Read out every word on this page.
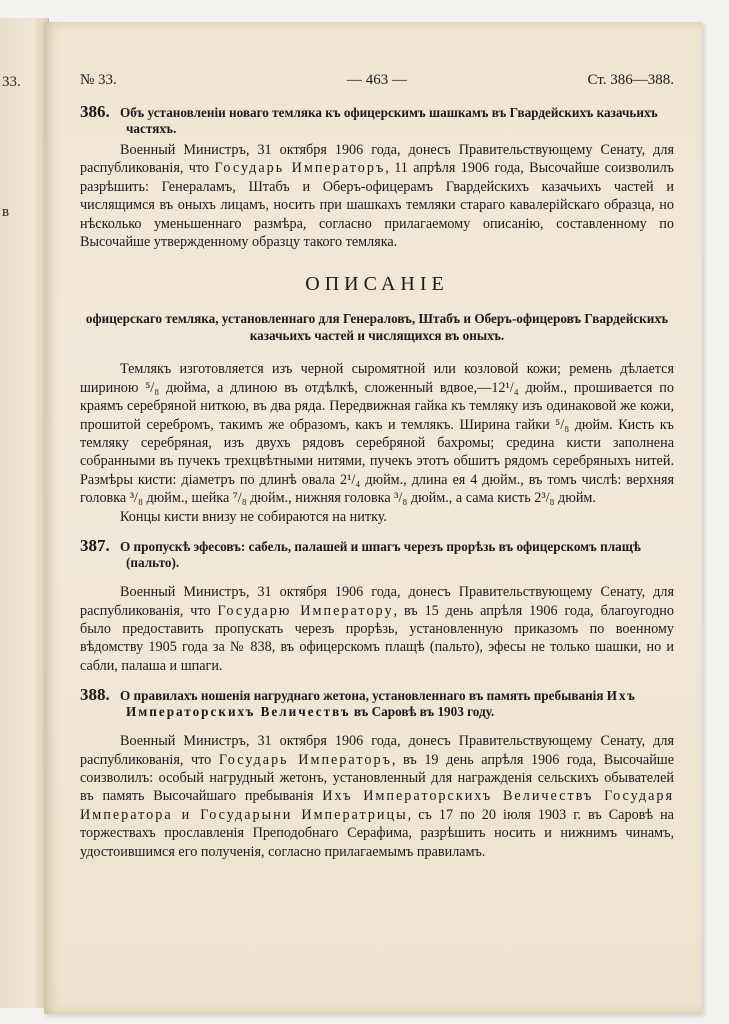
33.
в
№ 33.	— 463 —	Ст. 386—388.
386. Объ установленіи новаго темляка къ офицерскимъ шашкамъ въ Гвардейскихъ казачьихъ частяхъ.

Военный Министръ, 31 октября 1906 года, донесъ Правительствующему Сенату, для распубликованія, что Государь Императоръ, 11 апрѣля 1906 года, Высочайше соизволилъ разрѣшить: Генераламъ, Штабъ и Оберъ-офицерамъ Гвардейскихъ казачьихъ частей и числящимся въ оныхъ лицамъ, носить при шашкахъ темляки стараго кавалерійскаго образца, но нѣсколько уменьшеннаго размѣра, согласно прилагаемому описанію, составленному по Высочайше утвержденному образцу такого темляка.

ОПИСАНІЕ
офицерскаго темляка, установленнаго для Генераловъ, Штабъ и Оберъ-офицеровъ Гвардейскихъ казачьихъ частей и числящихся въ оныхъ.

Темлякъ изготовляется изъ черной сыромятной или козловой кожи; ремень дѣлается шириною ⁵/₈ дюйма, а длиною въ отдѣлкѣ, сложенный вдвое,—12¹/₄ дюйм., прошивается по краямъ серебряной ниткою, въ два ряда. Передвижная гайка къ темляку изъ одинаковой же кожи, прошитой серебромъ, такимъ же образомъ, какъ и темлякъ. Ширина гайки ⁵/₈ дюйм. Кисть къ темляку серебряная, изъ двухъ рядовъ серебряной бахромы; средина кисти заполнена собранными въ пучекъ трехцвѣтными нитями, пучекъ этотъ обшитъ рядомъ серебряныхъ нитей. Размѣры кисти: діаметръ по длинѣ овала 2¹/₄ дюйм., длина ея 4 дюйм., въ томъ числѣ: верхняя головка ³/₈ дюйм., шейка ⁷/₈ дюйм., нижняя головка ³/₈ дюйм., а сама кисть 2³/₈ дюйм.

Концы кисти внизу не собираются на нитку.

387. О пропускѣ эфесовъ: сабель, палашей и шпагъ черезъ прорѣзь въ офицерскомъ плащѣ (пальто).

Военный Министръ, 31 октября 1906 года, донесъ Правительствующему Сенату, для распубликованія, что Государю Императору, въ 15 день апрѣля 1906 года, благоугодно было предоставить пропускать черезъ прорѣзь, установленную приказомъ по военному вѣдомству 1905 года за № 838, въ офицерскомъ плащѣ (пальто), эфесы не только шашки, но и сабли, палаша и шпаги.

388. О правилахъ ношенія нагруднаго жетона, установленнаго въ память пребыванія Ихъ Императорскихъ Величествъ въ Саровѣ въ 1903 году.

Военный Министръ, 31 октября 1906 года, донесъ Правительствующему Сенату, для распубликованія, что Государь Императоръ, въ 19 день апрѣля 1906 года, Высочайше соизволилъ: особый нагрудный жетонъ, установленный для награжденія сельскихъ обывателей въ память Высочайшаго пребыванія Ихъ Императорскихъ Величествъ Государя Императора и Государыни Императрицы, съ 17 по 20 іюля 1903 г. въ Саровѣ на торжествахъ прославленія Преподобнаго Серафима, разрѣшить носить и нижнимъ чинамъ, удостоившимся его полученія, согласно прилагаемымъ правиламъ.
